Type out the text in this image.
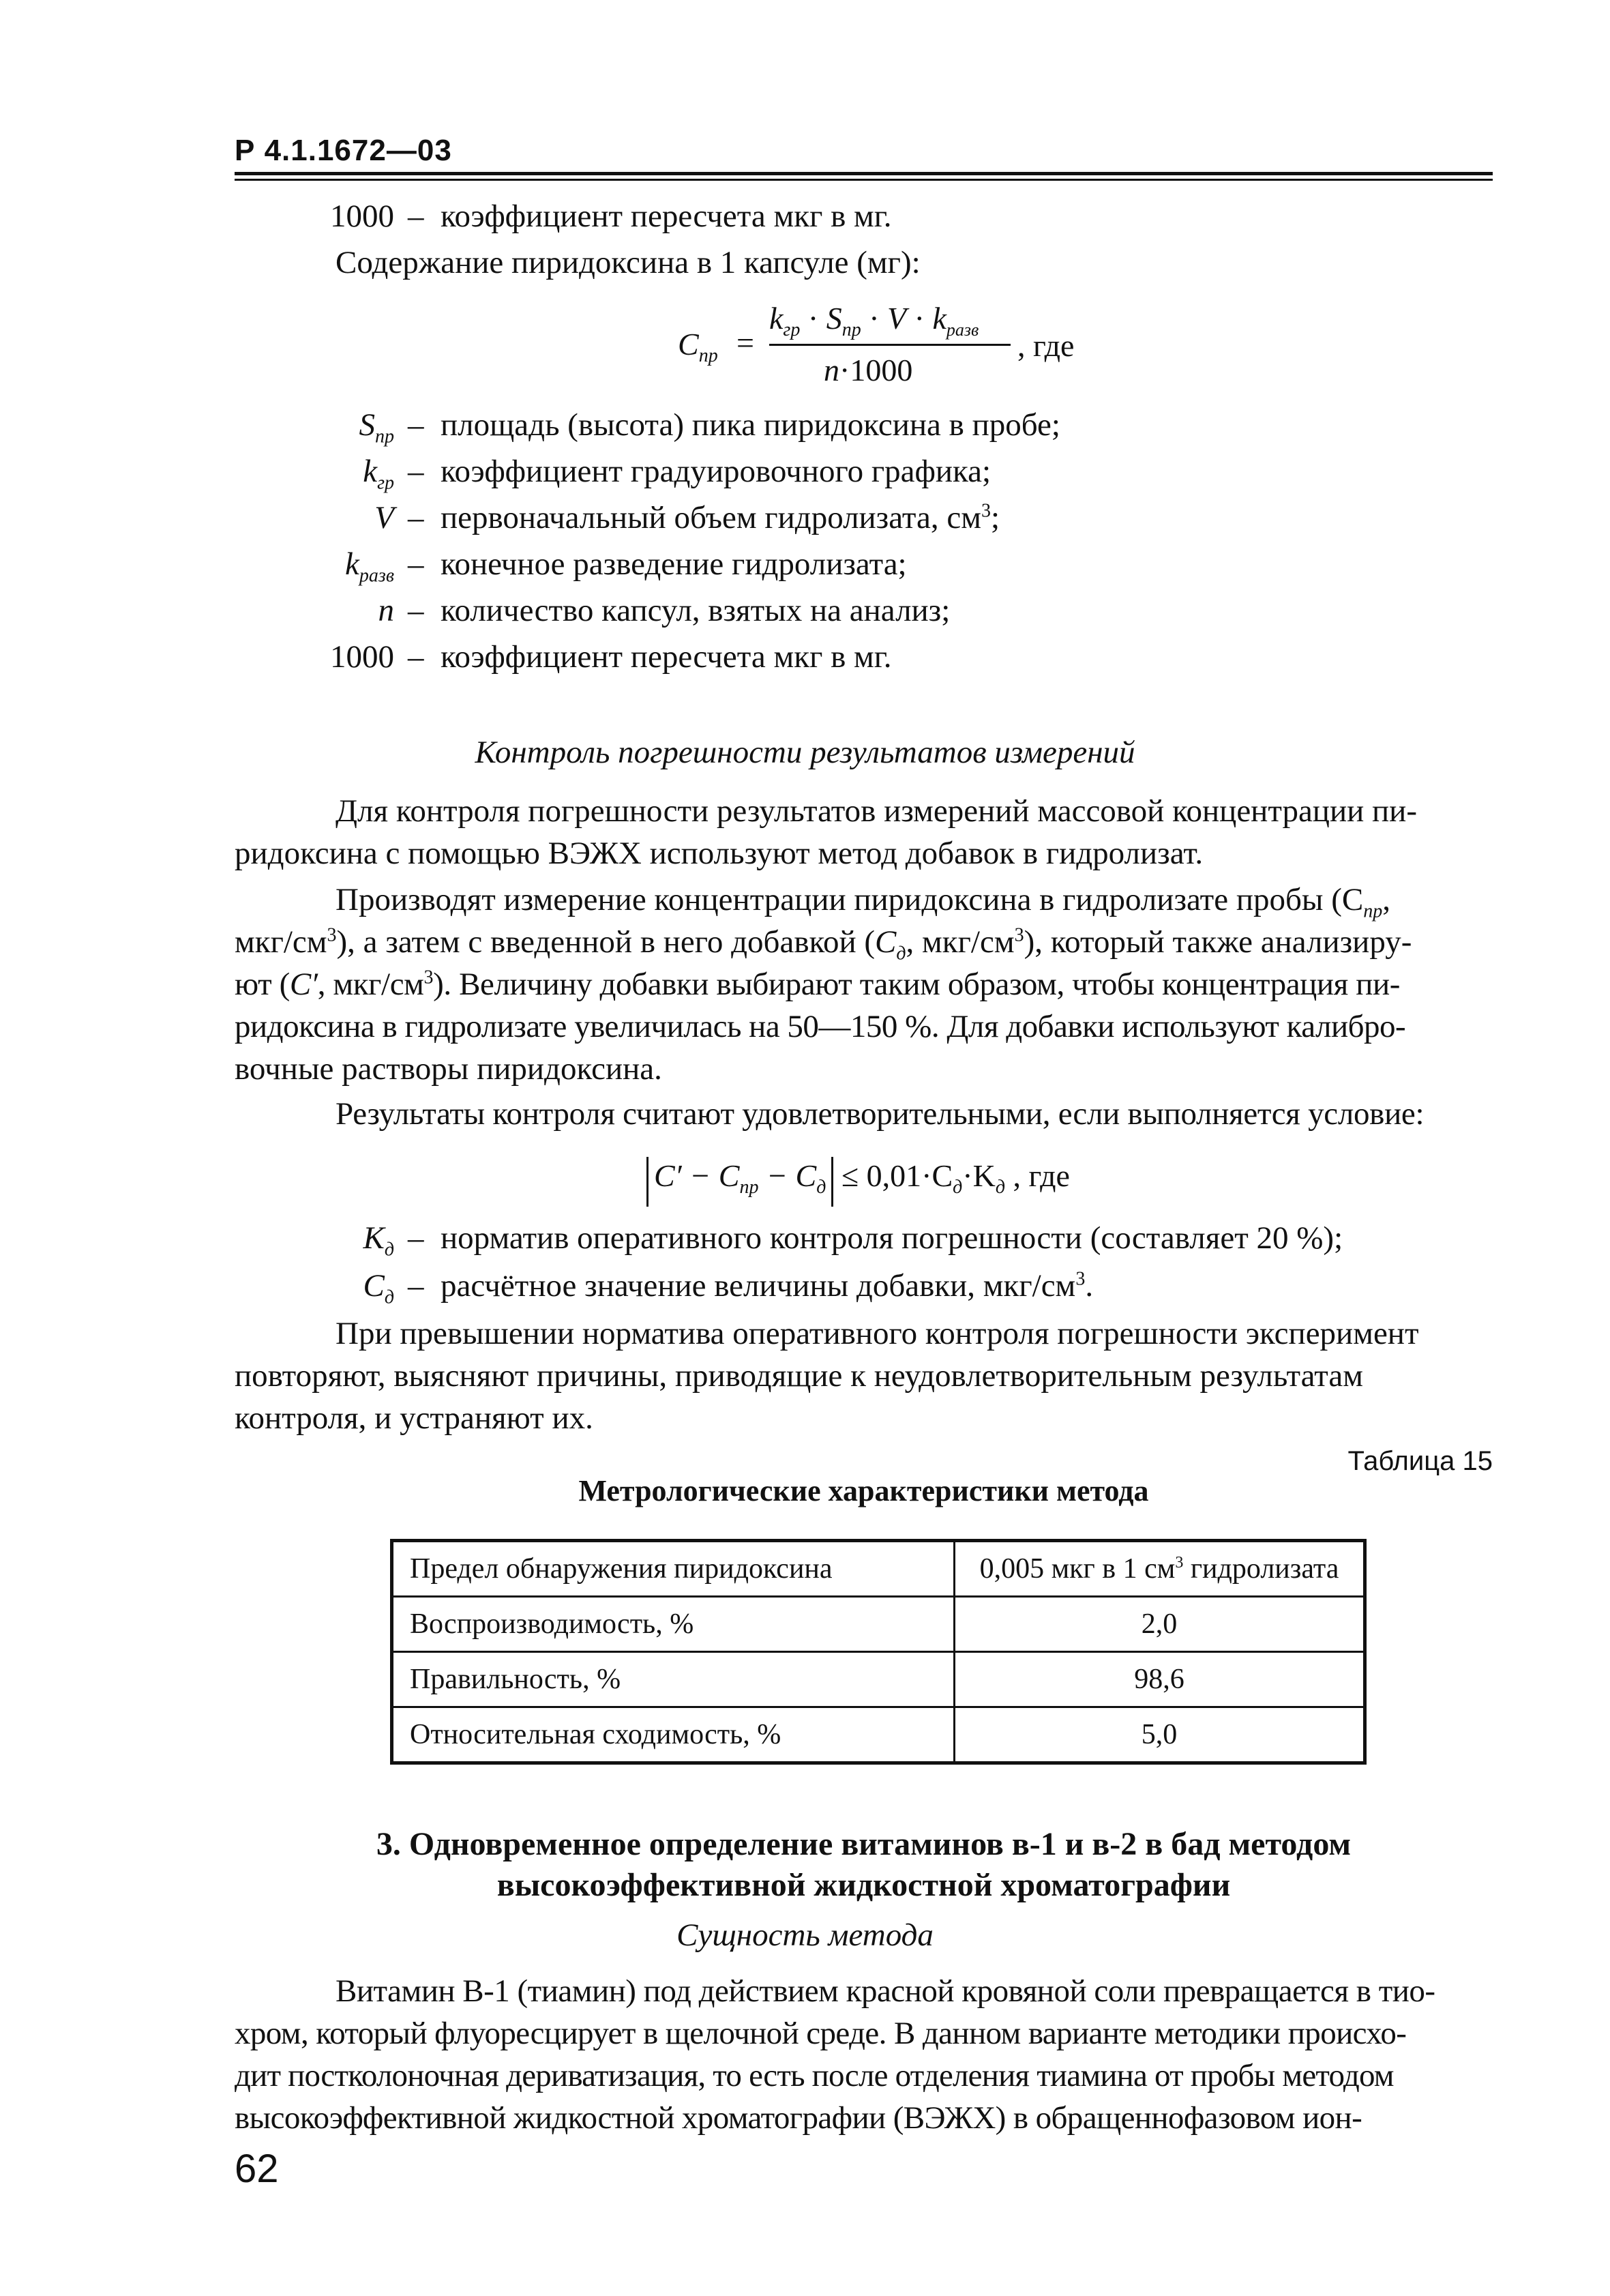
Р 4.1.1672—03
1000 – коэффициент пересчета мкг в мг.
Содержание пиридоксина в 1 капсуле (мг):
$C_{пр}$ =
$k_{гр} \cdot S_{пр} \cdot V \cdot k_{разв}$
n·1000
, где
$S_{пр}$ – площадь (высота) пика пиридоксина в пробе;
$k_{гр}$ – коэффициент градуировочного графика;
V – первоначальный объем гидролизата, $см^3$;
$k_{разв}$ – конечное разведение гидролизата;
n – количество капсул, взятых на анализ;
1000 – коэффициент пересчета мкг в мг.
Контроль погрешности результатов измерений
Для контроля погрешности результатов измерений массовой концентрации пи-
ридоксина с помощью ВЭЖХ используют метод добавок в гидролизат.
Производят измерение концентрации пиридоксина в гидролизате пробы ($C_{пр}$,
мкг/$см^3$), а затем с введенной в него добавкой ($C_д$, мкг/$см^3$), который также анализиру-
ют (C′, мкг/$см^3$). Величину добавки выбирают таким образом, чтобы концентрация пи-
ридоксина в гидролизате увеличилась на 50—150 %. Для добавки используют калибро-
вочные растворы пиридоксина.
Результаты контроля считают удовлетворительными, если выполняется условие:
$C' - C_{пр} - C_д \le 0,01\cdot C_д\cdot K_д$ , где
$K_д$ – норматив оперативного контроля погрешности (составляет 20 %);
$C_д$ – расчётное значение величины добавки, мкг/$см^3$.
При превышении норматива оперативного контроля погрешности эксперимент
повторяют, выясняют причины, приводящие к неудовлетворительным результатам
контроля, и устраняют их.
Таблица 15
Метрологические характеристики метода
Предел обнаружения пиридоксина	0,005 мкг в 1 $см^3$ гидролизата
Воспроизводимость, %	2,0
Правильность, %	98,6
Относительная сходимость, %	5,0
3. Одновременное определение витаминов в-1 и в-2 в бад методом
высокоэффективной жидкостной хроматографии
Сущность метода
Витамин В-1 (тиамин) под действием красной кровяной соли превращается в тио-
хром, который флуоресцирует в щелочной среде. В данном варианте методики происхо-
дит постколоночная дериватизация, то есть после отделения тиамина от пробы методом
высокоэффективной жидкостной хроматографии (ВЭЖХ) в обращеннофазовом ион-
62
